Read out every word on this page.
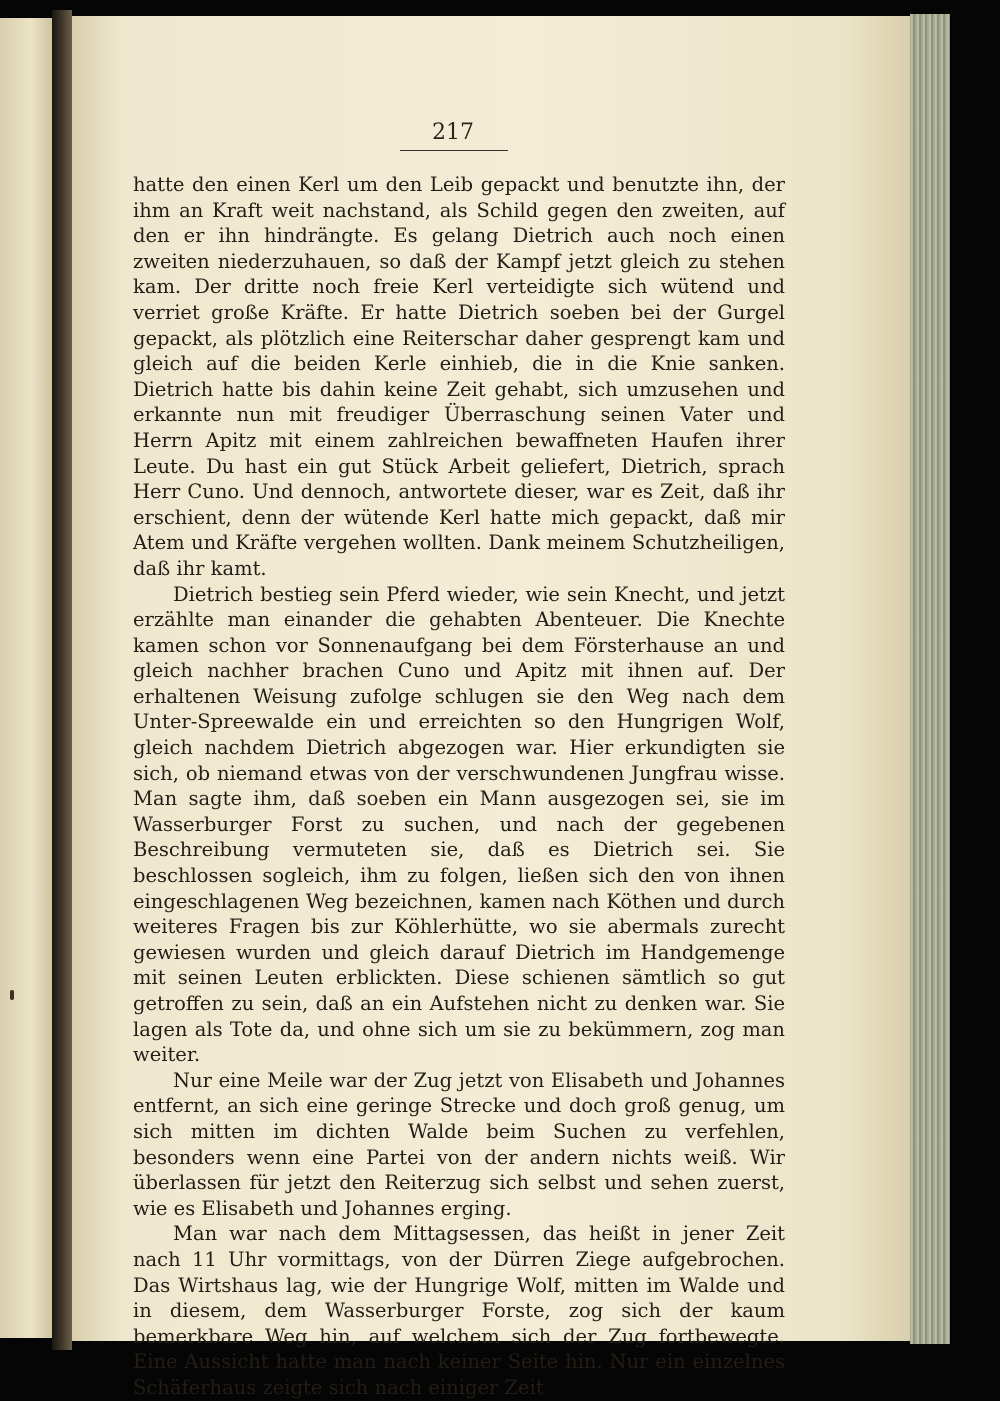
217

hatte den einen Kerl um den Leib gepackt und benutzte ihn, der ihm an Kraft weit nachstand, als Schild gegen den zweiten, auf den er ihn hindrängte. Es gelang Dietrich auch noch einen zweiten niederzuhauen, so daß der Kampf jetzt gleich zu stehen kam. Der dritte noch freie Kerl verteidigte sich wütend und verriet große Kräfte. Er hatte Dietrich soeben bei der Gurgel gepackt, als plötzlich eine Reiterschar daher gesprengt kam und gleich auf die beiden Kerle einhieb, die in die Knie sanken. Dietrich hatte bis dahin keine Zeit gehabt, sich umzusehen und erkannte nun mit freudiger Überraschung seinen Vater und Herrn Apitz mit einem zahlreichen bewaffneten Haufen ihrer Leute. Du hast ein gut Stück Arbeit geliefert, Dietrich, sprach Herr Cuno. Und dennoch, antwortete dieser, war es Zeit, daß ihr erschient, denn der wütende Kerl hatte mich gepackt, daß mir Atem und Kräfte vergehen wollten. Dank meinem Schutzheiligen, daß ihr kamt.

Dietrich bestieg sein Pferd wieder, wie sein Knecht, und jetzt erzählte man einander die gehabten Abenteuer. Die Knechte kamen schon vor Sonnenaufgang bei dem Försterhause an und gleich nachher brachen Cuno und Apitz mit ihnen auf. Der erhaltenen Weisung zufolge schlugen sie den Weg nach dem Unter-Spreewalde ein und erreichten so den Hungrigen Wolf, gleich nachdem Dietrich abgezogen war. Hier erkundigten sie sich, ob niemand etwas von der verschwundenen Jungfrau wisse. Man sagte ihm, daß soeben ein Mann ausgezogen sei, sie im Wasserburger Forst zu suchen, und nach der gegebenen Beschreibung vermuteten sie, daß es Dietrich sei. Sie beschlossen sogleich, ihm zu folgen, ließen sich den von ihnen eingeschlagenen Weg bezeichnen, kamen nach Köthen und durch weiteres Fragen bis zur Köhlerhütte, wo sie abermals zurecht gewiesen wurden und gleich darauf Dietrich im Handgemenge mit seinen Leuten erblickten. Diese schienen sämtlich so gut getroffen zu sein, daß an ein Aufstehen nicht zu denken war. Sie lagen als Tote da, und ohne sich um sie zu bekümmern, zog man weiter.

Nur eine Meile war der Zug jetzt von Elisabeth und Johannes entfernt, an sich eine geringe Strecke und doch groß genug, um sich mitten im dichten Walde beim Suchen zu verfehlen, besonders wenn eine Partei von der andern nichts weiß. Wir überlassen für jetzt den Reiterzug sich selbst und sehen zuerst, wie es Elisabeth und Johannes erging.

Man war nach dem Mittagsessen, das heißt in jener Zeit nach 11 Uhr vormittags, von der Dürren Ziege aufgebrochen. Das Wirtshaus lag, wie der Hungrige Wolf, mitten im Walde und in diesem, dem Wasserburger Forste, zog sich der kaum bemerkbare Weg hin, auf welchem sich der Zug fortbewegte. Eine Aussicht hatte man nach keiner Seite hin. Nur ein einzelnes Schäferhaus zeigte sich nach einiger Zeit
